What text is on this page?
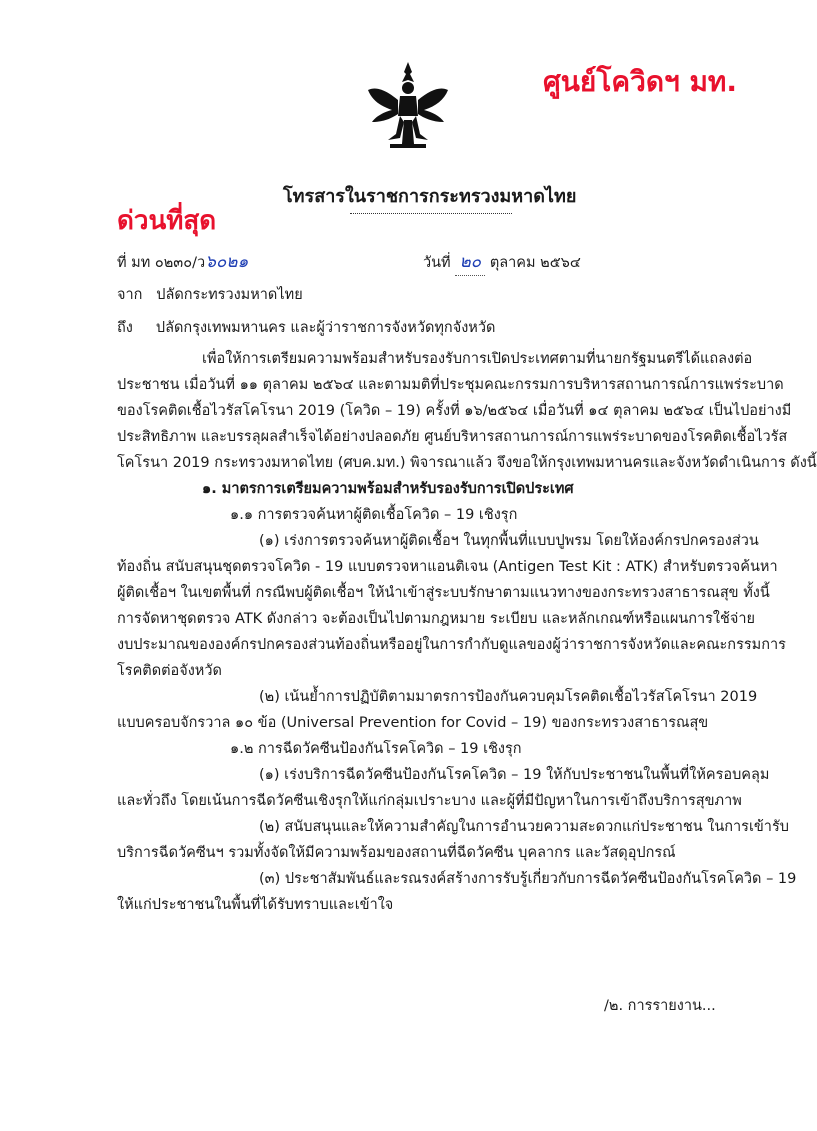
ศูนย์โควิดฯ มท.
โทรสารในราชการกระทรวงมหาดไทย
ด่วนที่สุด
ที่ มท ๐๒๓๐/ว๖๐๒๑	วันที่ ๒๐ ตุลาคม ๒๕๖๔
จาก   ปลัดกระทรวงมหาดไทย
ถึง     ปลัดกรุงเทพมหานคร และผู้ว่าราชการจังหวัดทุกจังหวัด
เพื่อให้การเตรียมความพร้อมสำหรับรองรับการเปิดประเทศตามที่นายกรัฐมนตรีได้แถลงต่อ
ประชาชน เมื่อวันที่ ๑๑ ตุลาคม ๒๕๖๔ และตามมติที่ประชุมคณะกรรมการบริหารสถานการณ์การแพร่ระบาด
ของโรคติดเชื้อไวรัสโคโรนา 2019 (โควิด – 19) ครั้งที่ ๑๖/๒๕๖๔ เมื่อวันที่ ๑๔ ตุลาคม ๒๕๖๔ เป็นไปอย่างมี
ประสิทธิภาพ และบรรลุผลสำเร็จได้อย่างปลอดภัย ศูนย์บริหารสถานการณ์การแพร่ระบาดของโรคติดเชื้อไวรัส
โคโรนา 2019 กระทรวงมหาดไทย (ศบค.มท.) พิจารณาแล้ว จึงขอให้กรุงเทพมหานครและจังหวัดดำเนินการ ดังนี้
๑. มาตรการเตรียมความพร้อมสำหรับรองรับการเปิดประเทศ
๑.๑ การตรวจค้นหาผู้ติดเชื้อโควิด – 19 เชิงรุก
(๑) เร่งการตรวจค้นหาผู้ติดเชื้อฯ ในทุกพื้นที่แบบปูพรม โดยให้องค์กรปกครองส่วน
ท้องถิ่น สนับสนุนชุดตรวจโควิด - 19 แบบตรวจหาแอนติเจน (Antigen Test Kit : ATK) สำหรับตรวจค้นหา
ผู้ติดเชื้อฯ ในเขตพื้นที่ กรณีพบผู้ติดเชื้อฯ ให้นำเข้าสู่ระบบรักษาตามแนวทางของกระทรวงสาธารณสุข ทั้งนี้
การจัดหาชุดตรวจ ATK ดังกล่าว จะต้องเป็นไปตามกฎหมาย ระเบียบ และหลักเกณฑ์หรือแผนการใช้จ่าย
งบประมาณขององค์กรปกครองส่วนท้องถิ่นหรืออยู่ในการกำกับดูแลของผู้ว่าราชการจังหวัดและคณะกรรมการ
โรคติดต่อจังหวัด
(๒) เน้นย้ำการปฏิบัติตามมาตรการป้องกันควบคุมโรคติดเชื้อไวรัสโคโรนา 2019
แบบครอบจักรวาล ๑๐ ข้อ (Universal Prevention for Covid – 19) ของกระทรวงสาธารณสุข
๑.๒ การฉีดวัคซีนป้องกันโรคโควิด – 19 เชิงรุก
(๑) เร่งบริการฉีดวัคซีนป้องกันโรคโควิด – 19 ให้กับประชาชนในพื้นที่ให้ครอบคลุม
และทั่วถึง โดยเน้นการฉีดวัคซีนเชิงรุกให้แก่กลุ่มเปราะบาง และผู้ที่มีปัญหาในการเข้าถึงบริการสุขภาพ
(๒) สนับสนุนและให้ความสำคัญในการอำนวยความสะดวกแก่ประชาชน ในการเข้ารับ
บริการฉีดวัคซีนฯ รวมทั้งจัดให้มีความพร้อมของสถานที่ฉีดวัคซีน บุคลากร และวัสดุอุปกรณ์
(๓) ประชาสัมพันธ์และรณรงค์สร้างการรับรู้เกี่ยวกับการฉีดวัคซีนป้องกันโรคโควิด – 19
ให้แก่ประชาชนในพื้นที่ได้รับทราบและเข้าใจ
/๒. การรายงาน...
